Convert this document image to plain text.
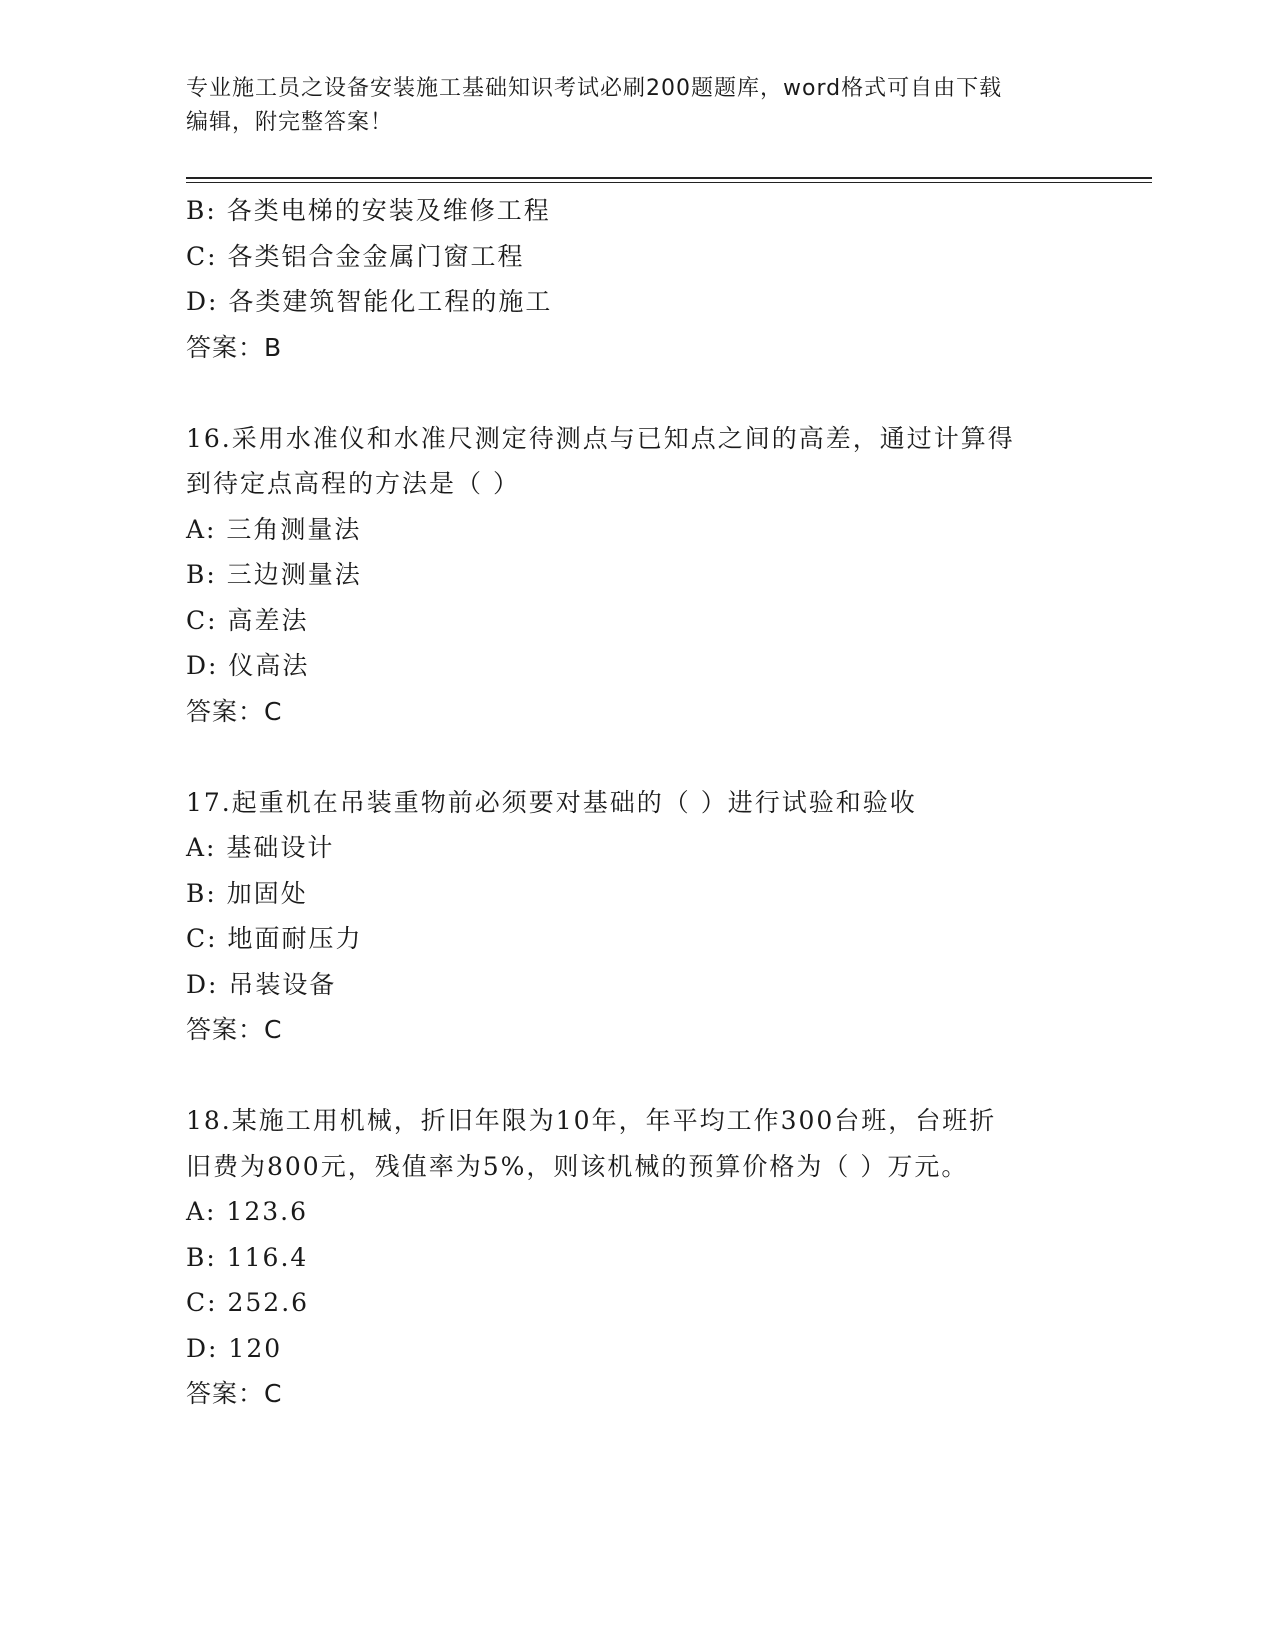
专业施工员之设备安装施工基础知识考试必刷200题题库，word格式可自由下载
编辑，附完整答案！
B: 各类电梯的安装及维修工程
C: 各类铝合金金属门窗工程
D: 各类建筑智能化工程的施工
答案：B
16.采用水准仪和水准尺测定待测点与已知点之间的高差，通过计算得
到待定点高程的方法是（ ）
A: 三角测量法
B: 三边测量法
C: 高差法
D: 仪高法
答案：C
17.起重机在吊装重物前必须要对基础的（ ）进行试验和验收
A: 基础设计
B: 加固处
C: 地面耐压力
D: 吊装设备
答案：C
18.某施工用机械，折旧年限为10年，年平均工作300台班，台班折
旧费为800元，残值率为5%，则该机械的预算价格为（ ）万元。
A: 123.6
B: 116.4
C: 252.6
D: 120
答案：C
